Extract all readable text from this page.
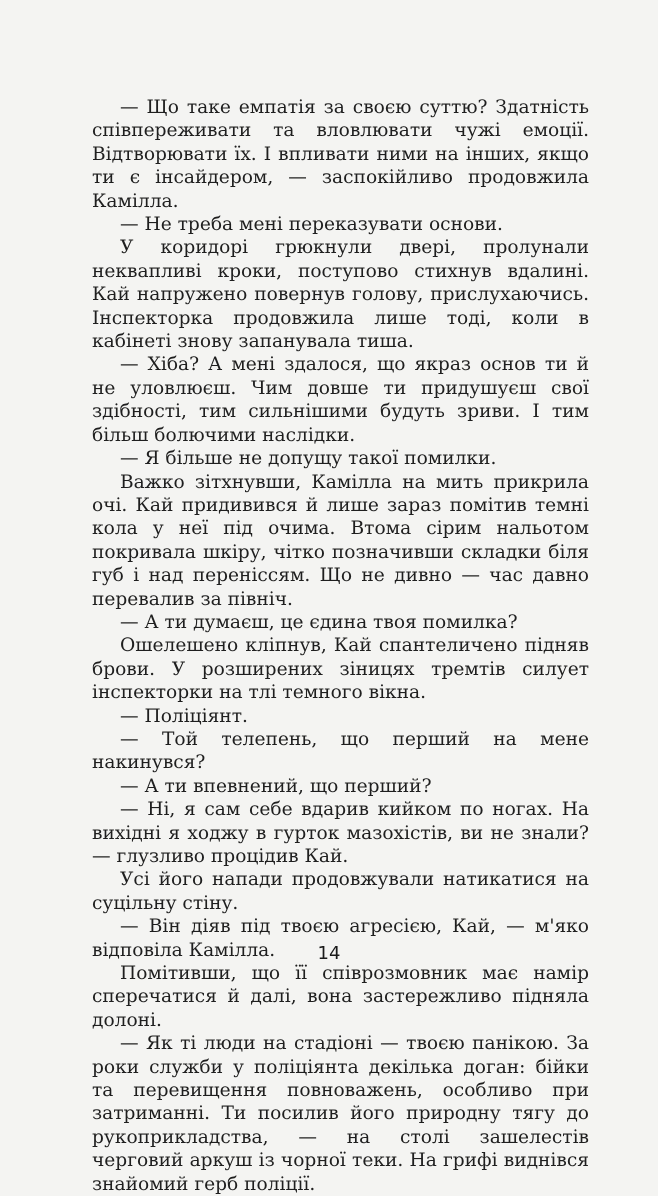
— Що таке емпатія за своєю суттю? Здатність співпереживати та вловлювати чужі емоції. Відтворювати їх. І впливати ними на інших, якщо ти є інсайдером, — заспокійливо продовжила Камілла.

— Не треба мені переказувати основи.

У коридорі грюкнули двері, пролунали неквапливі кроки, поступово стихнув вдалині. Кай напружено повернув голову, прислухаючись. Інспекторка продовжила лише тоді, коли в кабінеті знову запанувала тиша.

— Хіба? А мені здалося, що якраз основ ти й не уловлюєш. Чим довше ти придушуєш свої здібності, тим сильнішими будуть зриви. І тим більш болючими наслідки.

— Я більше не допущу такої помилки.

Важко зітхнувши, Камілла на мить прикрила очі. Кай придивився й лише зараз помітив темні кола у неї під очима. Втома сірим нальотом покривала шкіру, чітко позначивши складки біля губ і над переніссям. Що не дивно — час давно перевалив за північ.

— А ти думаєш, це єдина твоя помилка?

Ошелешено кліпнув, Кай спантеличено підняв брови. У розширених зіницях тремтів силует інспекторки на тлі темного вікна.

— Поліціянт.

— Той телепень, що перший на мене накинувся?

— А ти впевнений, що перший?

— Ні, я сам себе вдарив кийком по ногах. На вихідні я ходжу в гурток мазохістів, ви не знали? — глузливо процідив Кай.

Усі його напади продовжували натикатися на суцільну стіну.

— Він діяв під твоєю агресією, Кай, — м'яко відповіла Камілла.

Помітивши, що її співрозмовник має намір сперечатися й далі, вона застережливо підняла долоні.

— Як ті люди на стадіоні — твоєю панікою. За роки служби у поліціянта декілька доган: бійки та перевищення повноважень, особливо при затриманні. Ти посилив його природну тягу до рукоприкладства, — на столі зашелестів черговий аркуш із чорної теки. На грифі виднівся знайомий герб поліції.

14
